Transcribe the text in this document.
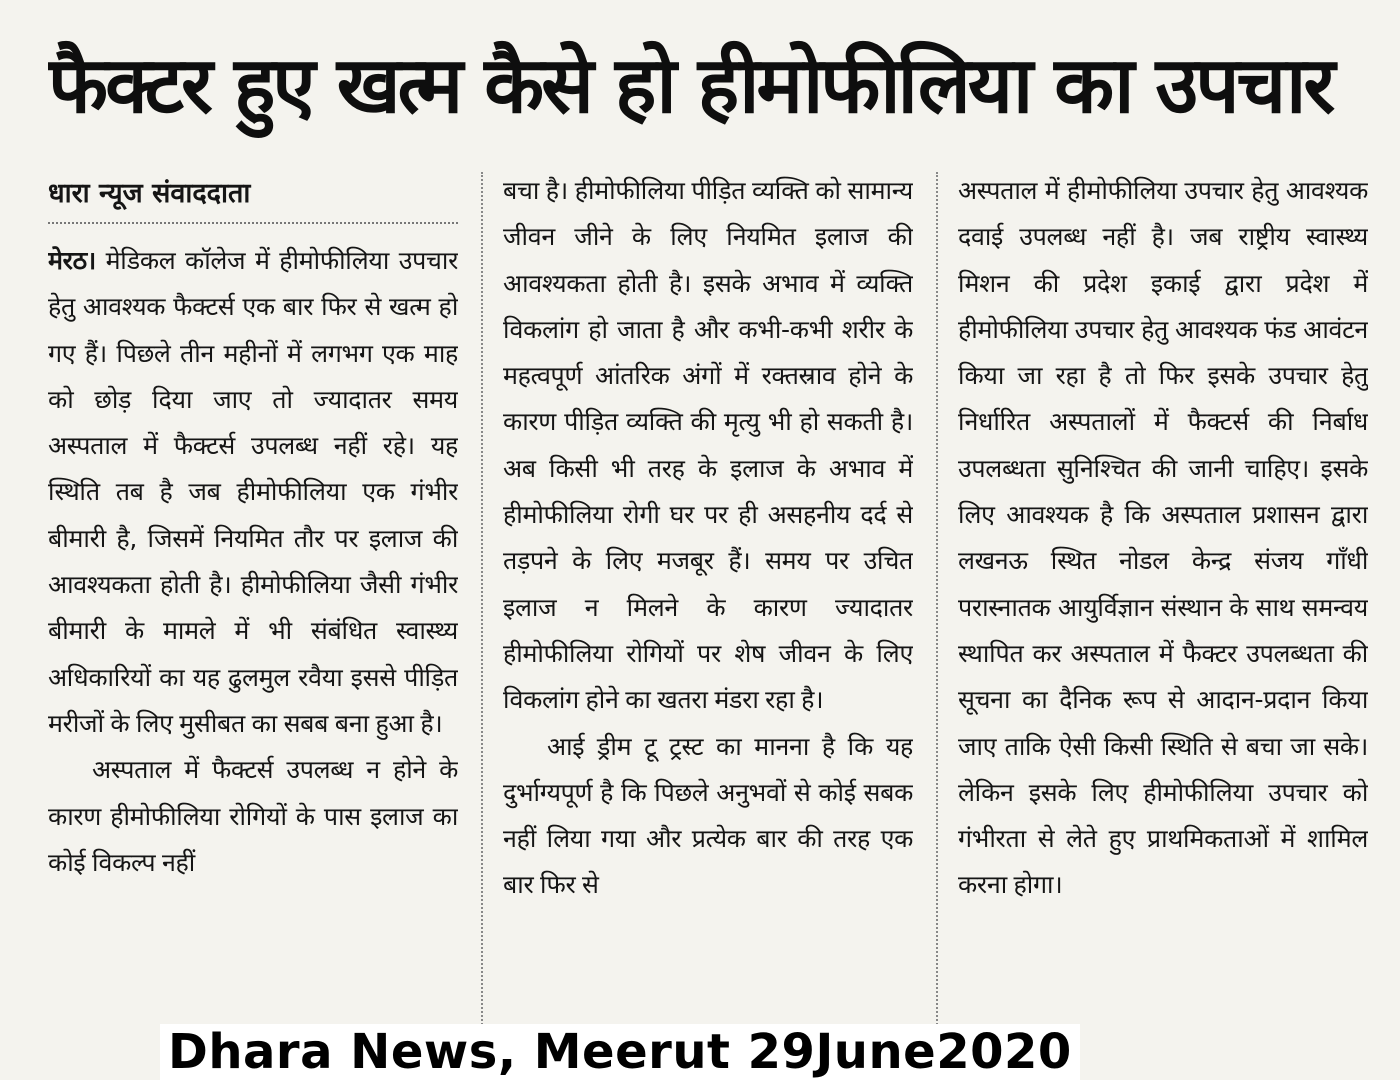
फैक्टर हुए खत्म कैसे हो हीमोफीलिया का उपचार
धारा न्यूज संवाददाता

मेरठ। मेडिकल कॉलेज में हीमोफीलिया उपचार हेतु आवश्यक फैक्टर्स एक बार फिर से खत्म हो गए हैं। पिछले तीन महीनों में लगभग एक माह को छोड़ दिया जाए तो ज्यादातर समय अस्पताल में फैक्टर्स उपलब्ध नहीं रहे। यह स्थिति तब है जब हीमोफीलिया एक गंभीर बीमारी है, जिसमें नियमित तौर पर इलाज की आवश्यकता होती है। हीमोफीलिया जैसी गंभीर बीमारी के मामले में भी संबंधित स्वास्थ्य अधिकारियों का यह ढुलमुल रवैया इससे पीड़ित मरीजों के लिए मुसीबत का सबब बना हुआ है।

अस्पताल में फैक्टर्स उपलब्ध न होने के कारण हीमोफीलिया रोगियों के पास इलाज का कोई विकल्प नहीं

बचा है। हीमोफीलिया पीड़ित व्यक्ति को सामान्य जीवन जीने के लिए नियमित इलाज की आवश्यकता होती है। इसके अभाव में व्यक्ति विकलांग हो जाता है और कभी-कभी शरीर के महत्वपूर्ण आंतरिक अंगों में रक्तस्राव होने के कारण पीड़ित व्यक्ति की मृत्यु भी हो सकती है। अब किसी भी तरह के इलाज के अभाव में हीमोफीलिया रोगी घर पर ही असहनीय दर्द से तड़पने के लिए मजबूर हैं। समय पर उचित इलाज न मिलने के कारण ज्यादातर हीमोफीलिया रोगियों पर शेष जीवन के लिए विकलांग होने का खतरा मंडरा रहा है।

आई ड्रीम टू ट्रस्ट का मानना है कि यह दुर्भाग्यपूर्ण है कि पिछले अनुभवों से कोई सबक नहीं लिया गया और प्रत्येक बार की तरह एक बार फिर से

अस्पताल में हीमोफीलिया उपचार हेतु आवश्यक दवाई उपलब्ध नहीं है। जब राष्ट्रीय स्वास्थ्य मिशन की प्रदेश इकाई द्वारा प्रदेश में हीमोफीलिया उपचार हेतु आवश्यक फंड आवंटन किया जा रहा है तो फिर इसके उपचार हेतु निर्धारित अस्पतालों में फैक्टर्स की निर्बाध उपलब्धता सुनिश्चित की जानी चाहिए। इसके लिए आवश्यक है कि अस्पताल प्रशासन द्वारा लखनऊ स्थित नोडल केन्द्र संजय गाँधी परास्नातक आयुर्विज्ञान संस्थान के साथ समन्वय स्थापित कर अस्पताल में फैक्टर उपलब्धता की सूचना का दैनिक रूप से आदान-प्रदान किया जाए ताकि ऐसी किसी स्थिति से बचा जा सके। लेकिन इसके लिए हीमोफीलिया उपचार को गंभीरता से लेते हुए प्राथमिकताओं में शामिल करना होगा।

Dhara News, Meerut 29June2020
